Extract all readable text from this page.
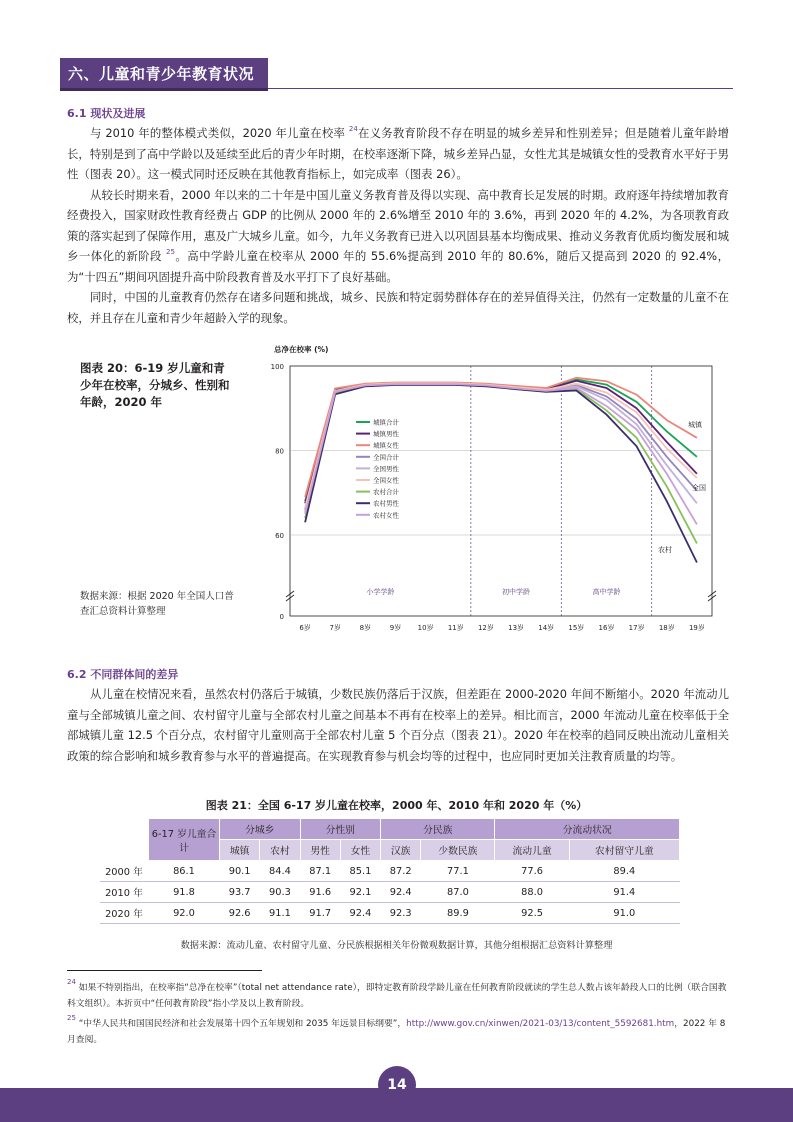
六、儿童和青少年教育状况
6.1 现状及进展

与 2010 年的整体模式类似，2020 年儿童在校率 $^{24}$在义务教育阶段不存在明显的城乡差异和性别差异；但是随着儿童年龄增长，特别是到了高中学龄以及延续至此后的青少年时期，在校率逐渐下降，城乡差异凸显，女性尤其是城镇女性的受教育水平好于男性（图表 20）。这一模式同时还反映在其他教育指标上，如完成率（图表 26）。

从较长时期来看，2000 年以来的二十年是中国儿童义务教育普及得以实现、高中教育长足发展的时期。政府逐年持续增加教育经费投入，国家财政性教育经费占 GDP 的比例从 2000 年的 2.6%增至 2010 年的 3.6%，再到 2020 年的 4.2%，为各项教育政策的落实起到了保障作用，惠及广大城乡儿童。如今，九年义务教育已进入以巩固县基本均衡成果、推动义务教育优质均衡发展和城乡一体化的新阶段 $^{25}$。高中学龄儿童在校率从 2000 年的 55.6%提高到 2010 年的 80.6%，随后又提高到 2020 的 92.4%，为“十四五”期间巩固提升高中阶段教育普及水平打下了良好基础。

同时，中国的儿童教育仍然存在诸多问题和挑战，城乡、民族和特定弱势群体存在的差异值得关注，仍然有一定数量的儿童不在校，并且存在儿童和青少年超龄入学的现象。

图表 20：6-19 岁儿童和青少年在校率，分城乡、性别和年龄，2020 年
数据来源：根据 2020 年全国人口普查汇总资料计算整理	0
60
80
100
小学学龄	初中学龄	高中学龄
6岁	7岁	8岁	9岁 10岁 11岁 12岁 13岁 14岁 15岁 16岁 17岁 18岁 19岁
总净在校率 (%)
城镇合计
城镇男性
城镇女性
全国合计
全国男性
全国女性
农村合计
农村男性
农村女性
城镇
全国
农村
6.2 不同群体间的差异

从儿童在校情况来看，虽然农村仍落后于城镇，少数民族仍落后于汉族，但差距在 2000-2020 年间不断缩小。2020 年流动儿童与全部城镇儿童之间、农村留守儿童与全部农村儿童之间基本不再有在校率上的差异。相比而言，2000 年流动儿童在校率低于全部城镇儿童 12.5 个百分点，农村留守儿童则高于全部农村儿童 5 个百分点（图表 21）。2020 年在校率的趋同反映出流动儿童相关政策的综合影响和城乡教育参与水平的普遍提高。在实现教育参与机会均等的过程中，也应同时更加关注教育质量的均等。

图表 21：全国 6-17 岁儿童在校率，2000 年、2010 年和 2020 年（%）
	6-17 岁儿童合计	分城乡		分性别		分民族		分流动状况	
		城镇	农村	男性	女性	汉族	少数民族	流动儿童	农村留守儿童
2000 年	86.1	90.1	84.4	87.1	85.1	87.2	77.1	77.6	89.4
2010 年	91.8	93.7	90.3	91.6	92.1	92.4	87.0	88.0	91.4
2020 年	92.0	92.6	91.1	91.7	92.4	92.3	89.9	92.5	91.0
数据来源：流动儿童、农村留守儿童、分民族根据相关年份微观数据计算，其他分组根据汇总资料计算整理
$^{24}$ 如果不特别指出，在校率指“总净在校率”（total net attendance rate），即特定教育阶段学龄儿童在任何教育阶段就读的学生总人数占该年龄段人口的比例（联合国教科文组织）。本折页中“任何教育阶段”指小学及以上教育阶段。
$^{25}$ “中华人民共和国国民经济和社会发展第十四个五年规划和 2035 年远景目标纲要”，http://www.gov.cn/xinwen/2021-03/13/content_5592681.htm，2022 年 8 月查阅。
14
